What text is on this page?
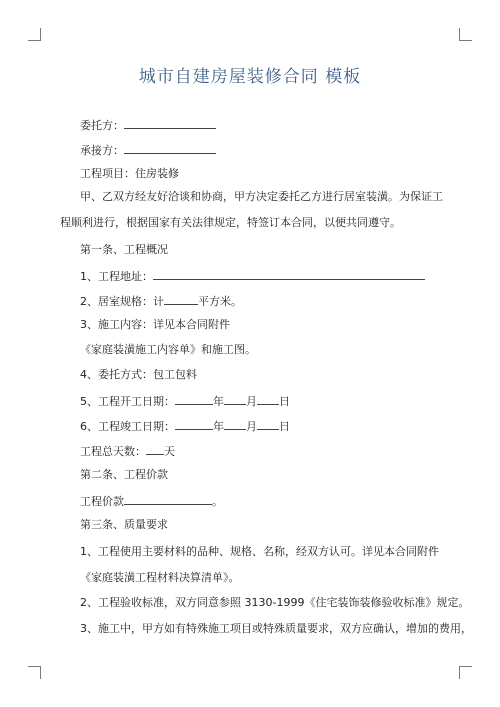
城市自建房屋装修合同 模板
委托方：
承接方：
工程项目：住房装修
甲、乙双方经友好洽谈和协商，甲方决定委托乙方进行居室装潢。为保证工程顺利进行，根据国家有关法律规定，特签订本合同，以便共同遵守。
第一条、工程概况
1、工程地址：
2、居室规格：计	平方米。
3、施工内容：详见本合同附件
《家庭装潢施工内容单》和施工图。
4、委托方式：包工包料
5、工程开工日期：	年 月 日
6、工程竣工日期：	年 月 日
工程总天数： 天
第二条、工程价款
工程价款	。
第三条、质量要求
1、工程使用主要材料的品种、规格、名称，经双方认可。详见本合同附件
《家庭装潢工程材料决算清单》。
2、工程验收标准，双方同意参照 3130-1999《住宅装饰装修验收标准》规定。
3、施工中，甲方如有特殊施工项目或特殊质量要求，双方应确认，增加的费用，
